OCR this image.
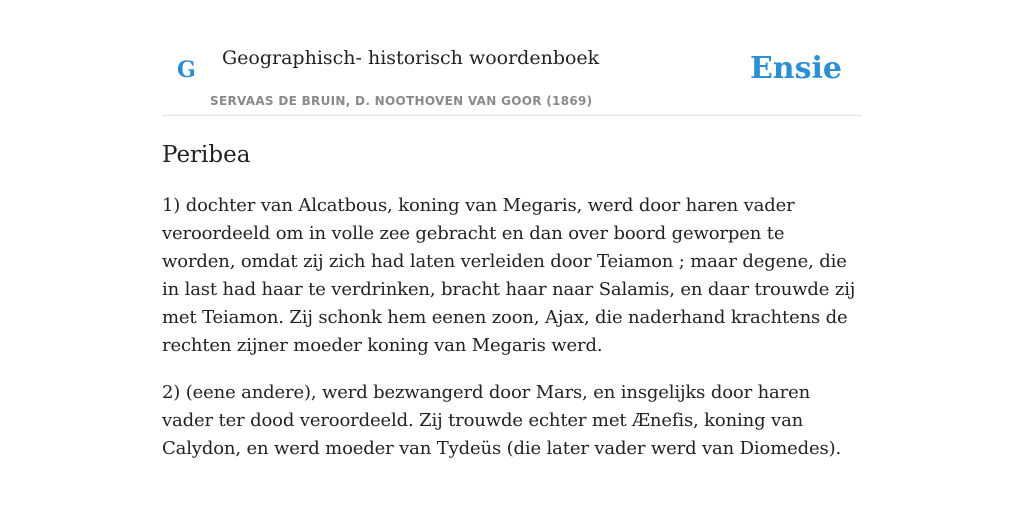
G Geographisch- historisch woordenboek
SERVAAS DE BRUIN, D. NOOTHOVEN VAN GOOR (1869)
Ensie
Peribea

1) dochter van Alcatbous, koning van Megaris, werd door haren vader veroordeeld om in volle zee gebracht en dan over boord geworpen te worden, omdat zij zich had laten verleiden door Teiamon ; maar degene, die in last had haar te verdrinken, bracht haar naar Salamis, en daar trouwde zij met Teiamon. Zij schonk hem eenen zoon, Ajax, die naderhand krachtens de rechten zijner moeder koning van Megaris werd.

2) (eene andere), werd bezwangerd door Mars, en insgelijks door haren vader ter dood veroordeeld. Zij trouwde echter met Ænefis, koning van Calydon, en werd moeder van Tydeüs (die later vader werd van Diomedes).
